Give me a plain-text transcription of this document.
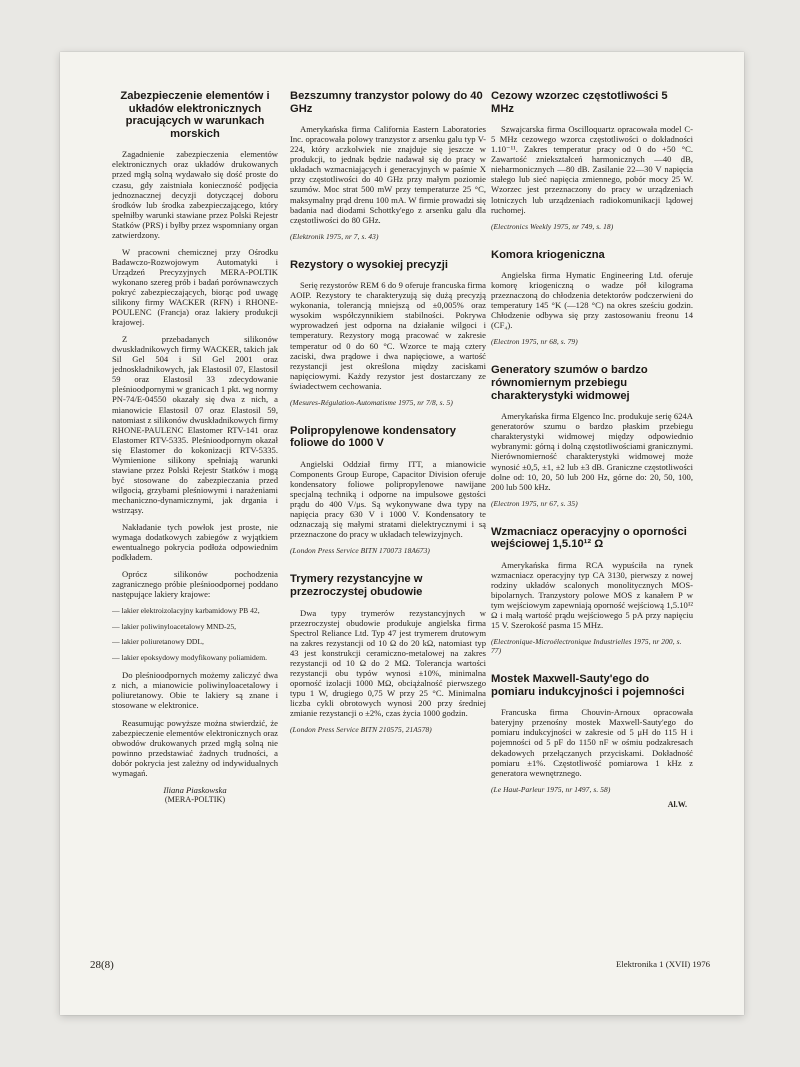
Zabezpieczenie elementów i układów elektronicznych pracujących w warunkach morskich

Zagadnienie zabezpieczenia elementów elektronicznych oraz układów drukowanych przed mgłą solną wydawało się dość proste do czasu, gdy zaistniała konieczność podjęcia jednoznacznej decyzji dotyczącej doboru środków lub środka zabezpieczającego, który spełniłby warunki stawiane przez Polski Rejestr Statków (PRS) i byłby przez wspomniany organ zatwierdzony.

W pracowni chemicznej przy Ośrodku Badawczo-Rozwojowym Automatyki i Urządzeń Precyzyjnych MERA-POLTIK wykonano szereg prób i badań porównawczych pokryć zabezpieczających, biorąc pod uwagę silikony firmy WACKER (RFN) i RHONE-POULENC (Francja) oraz lakiery produkcji krajowej.

Z przebadanych silikonów dwuskładnikowych firmy WACKER, takich jak Sil Gel 504 i Sil Gel 2001 oraz jednoskładnikowych, jak Elastosil 07, Elastosil 59 oraz Elastosil 33 zdecydowanie pleśnioodpornymi w granicach 1 pkt. wg normy PN-74/E-04550 okazały się dwa z nich, a mianowicie Elastosil 07 oraz Elastosil 59, natomiast z silikonów dwuskładnikowych firmy RHONE-PAULENC Elastomer RTV-141 oraz Elastomer RTV-5335. Pleśnioodpornym okazał się Elastomer do kokonizacji RTV-5335. Wymienione silikony spełniają warunki stawiane przez Polski Rejestr Statków i mogą być stosowane do zabezpieczania przed wilgocią, grzybami pleśniowymi i narażeniami mechaniczno-dynamicznymi, jak drgania i wstrząsy.

Nakładanie tych powłok jest proste, nie wymaga dodatkowych zabiegów z wyjątkiem ewentualnego pokrycia podłoża odpowiednim podkładem.

Oprócz silikonów pochodzenia zagranicznego próbie pleśnioodpornej poddano następujące lakiery krajowe:

— lakier elektroizolacyjny karbamidowy PB 42,
— lakier poliwinyloacetalowy MND-25,
— lakier poliuretanowy DDL,
— lakier epoksydowy modyfikowany poliamidem.

Do pleśnioodpornych możemy zaliczyć dwa z nich, a mianowicie poliwinyloacetalowy i poliuretanowy. Obie te lakiery są znane i stosowane w elektronice.

Reasumując powyższe można stwierdzić, że zabezpieczenie elementów elektronicznych oraz obwodów drukowanych przed mgłą solną nie powinno przedstawiać żadnych trudności, a dobór pokrycia jest zależny od indywidualnych wymagań.

Iliana Piaskowska
(MERA-POLTIK)
Bezszumny tranzystor polowy do 40 GHz

Amerykańska firma California Eastern Laboratories Inc. opracowała polowy tranzystor z arsenku galu typ V-224, który aczkolwiek nie znajduje się jeszcze w produkcji, to jednak będzie nadawał się do pracy w układach wzmacniających i generacyjnych w paśmie X przy częstotliwości do 40 GHz przy małym poziomie szumów. Moc strat 500 mW przy temperaturze 25 °C, maksymalny prąd drenu 100 mA. W firmie prowadzi się badania nad diodami Schottky'ego z arsenku galu dla częstotliwości do 80 GHz.

(Elektronik 1975, nr 7, s. 43)

Rezystory o wysokiej precyzji

Serię rezystorów REM 6 do 9 oferuje francuska firma AOIP. Rezystory te charakteryzują się dużą precyzją wykonania, tolerancją mniejszą od ±0,005% oraz wysokim współczynnikiem stabilności. Pokrywa wyprowadzeń jest odporna na działanie wilgoci i temperatury. Rezystory mogą pracować w zakresie temperatur od 0 do 60 °C. Wzorce te mają cztery zaciski, dwa prądowe i dwa napięciowe, a wartość rezystancji jest określona między zaciskami napięciowymi. Każdy rezystor jest dostarczany ze świadectwem cechowania.

(Mesures-Régulation-Automatisme 1975, nr 7/8, s. 5)

Polipropylenowe kondensatory foliowe do 1000 V

Angielski Oddział firmy ITT, a mianowicie Components Group Europe, Capacitor Division oferuje kondensatory foliowe polipropylenowe nawijane specjalną techniką i odporne na impulsowe gęstości prądu do 400 V/μs. Są wykonywane dwa typy na napięcia pracy 630 V i 1000 V. Kondensatory te odznaczają się małymi stratami dielektrycznymi i są przeznaczone do pracy w układach telewizyjnych.

(London Press Service BITN 170073 18A673)

Trymery rezystancyjne w przezroczystej obudowie

Dwa typy trymerów rezystancyjnych w przezroczystej obudowie produkuje angielska firma Spectrol Reliance Ltd. Typ 47 jest trymerem drutowym na zakres rezystancji od 10 Ω do 20 kΩ, natomiast typ 43 jest konstrukcji ceramiczno-metalowej na zakres rezystancji od 10 Ω do 2 MΩ. Tolerancja wartości rezystancji obu typów wynosi ±10%, minimalna oporność izolacji 1000 MΩ, obciążalność pierwszego typu 1 W, drugiego 0,75 W przy 25 °C. Minimalna liczba cykli obrotowych wynosi 200 przy średniej zmianie rezystancji o ±2%, czas życia 1000 godzin.

(London Press Service BITN 210575, 21A578)

Cezowy wzorzec częstotliwości 5 MHz

Szwajcarska firma Oscilloquartz opracowała model C-5 MHz cezowego wzorca częstotliwości o dokładności 1.10⁻¹¹. Zakres temperatur pracy od 0 do +50 °C. Zawartość zniekształceń harmonicznych —40 dB, nieharmonicznych —80 dB. Zasilanie 22—30 V napięcia stałego lub sieć napięcia zmiennego, pobór mocy 25 W. Wzorzec jest przeznaczony do pracy w urządzeniach lotniczych lub urządzeniach radiokomunikacji lądowej ruchomej.

(Electronics Weekly 1975, nr 749, s. 18)

Komora kriogeniczna

Angielska firma Hymatic Engineering Ltd. oferuje komorę kriogeniczną o wadze pół kilograma przeznaczoną do chłodzenia detektorów podczerwieni do temperatury 145 °K (—128 °C) na okres sześciu godzin. Chłodzenie odbywa się przy zastosowaniu freonu 14 (CF₄).

(Electron 1975, nr 68, s. 79)

Generatory szumów o bardzo równomiernym przebiegu charakterystyki widmowej

Amerykańska firma Elgenco Inc. produkuje serię 624A generatorów szumu o bardzo płaskim przebiegu charakterystyki widmowej między odpowiednio wybranymi: górną i dolną częstotliwościami granicznymi. Nierównomierność charakterystyki widmowej może wynosić ±0,5, ±1, ±2 lub ±3 dB. Graniczne częstotliwości dolne od: 10, 20, 50 lub 200 Hz, górne do: 20, 50, 100, 200 lub 500 kHz.

(Electron 1975, nr 67, s. 35)

Wzmacniacz operacyjny o oporności wejściowej 1,5.10¹² Ω

Amerykańska firma RCA wypuściła na rynek wzmacniacz operacyjny typ CA 3130, pierwszy z nowej rodziny układów scalonych monolitycznych MOS-bipolarnych. Tranzystory polowe MOS z kanałem P w tym wejściowym zapewniają oporność wejściową 1,5.10¹² Ω i małą wartość prądu wejściowego 5 pA przy napięciu 15 V. Szerokość pasma 15 MHz.

(Electronique-Microélectronique Industrielles 1975, nr 200, s. 77)

Mostek Maxwell-Sauty'ego do pomiaru indukcyjności i pojemności

Francuska firma Chouvin-Arnoux opracowała bateryjny przenośny mostek Maxwell-Sauty'ego do pomiaru indukcyjności w zakresie od 5 μH do 115 H i pojemności od 5 pF do 1150 nF w ośmiu podzakresach dekadowych przełączanych przyciskami. Dokładność pomiaru ±1%. Częstotliwość pomiarowa 1 kHz z generatora wewnętrznego.

(Le Haut-Parleur 1975, nr 1497, s. 58)

Al.W.
28(8)	Elektronika 1 (XVII) 1976
